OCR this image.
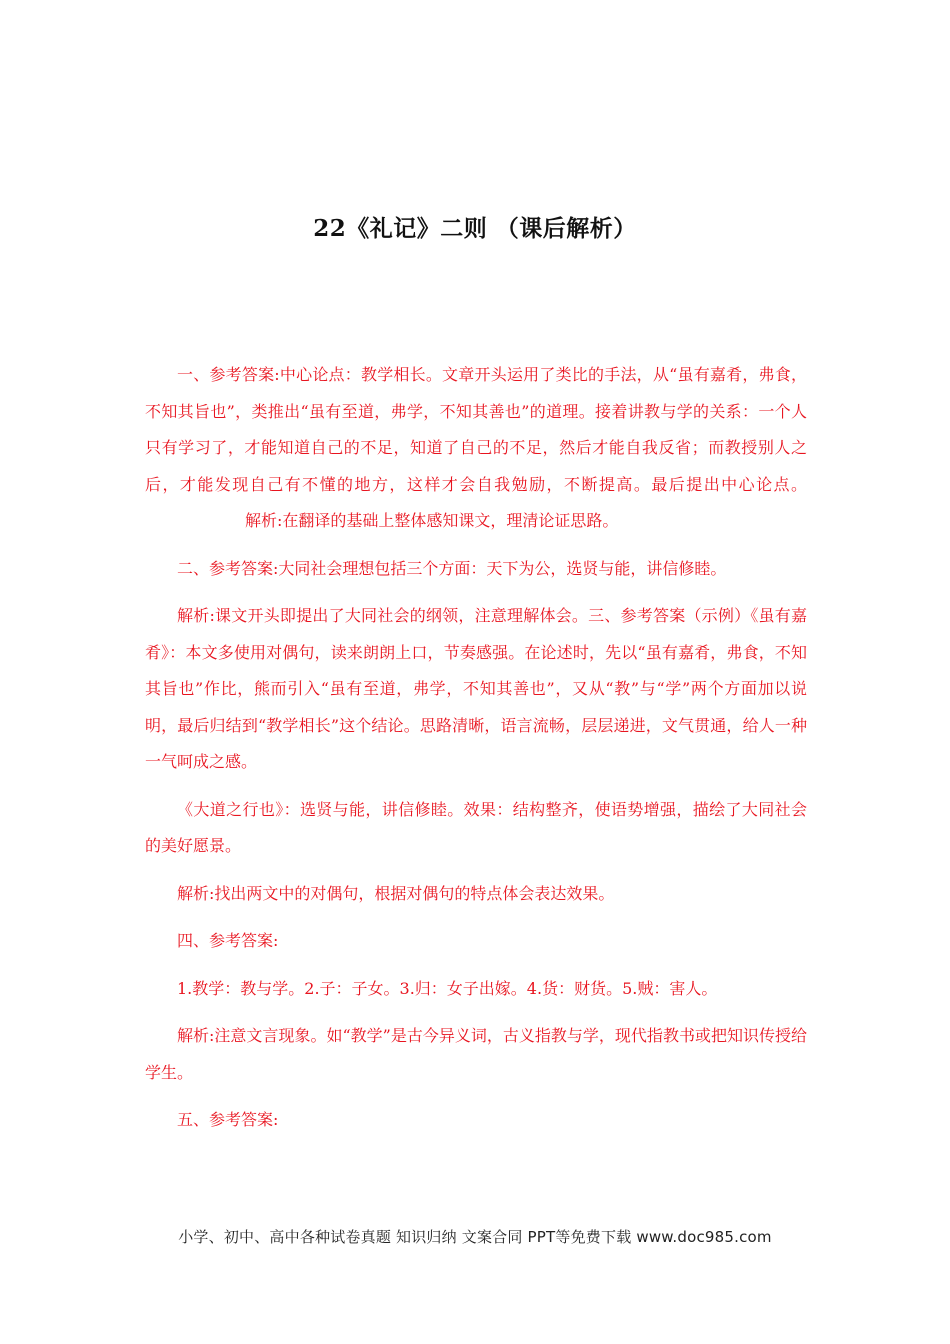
22《礼记》二则 （课后解析）

一、参考答案:中心论点：教学相长。文章开头运用了类比的手法，从“虽有嘉肴，弗食，不知其旨也”，类推出“虽有至道，弗学，不知其善也”的道理。接着讲教与学的关系：一个人只有学习了，才能知道自己的不足，知道了自己的不足，然后才能自我反省；而教授别人之后，才能发现自己有不懂的地方，这样才会自我勉励，不断提高。最后提出中心论点。解析:在翻译的基础上整体感知课文，理清论证思路。

二、参考答案:大同社会理想包括三个方面：天下为公，选贤与能，讲信修睦。

解析:课文开头即提出了大同社会的纲领，注意理解体会。三、参考答案（示例）《虽有嘉肴》：本文多使用对偶句，读来朗朗上口，节奏感强。在论述时，先以“虽有嘉肴，弗食，不知其旨也”作比，熊而引入“虽有至道，弗学，不知其善也”，又从“教”与“学”两个方面加以说明，最后归结到“教学相长”这个结论。思路清晰，语言流畅，层层递进，文气贯通，给人一种一气呵成之感。

《大道之行也》：选贤与能，讲信修睦。效果：结构整齐，使语势增强，描绘了大同社会的美好愿景。

解析:找出两文中的对偶句，根据对偶句的特点体会表达效果。

四、参考答案:

1.教学：教与学。2.子：子女。3.归：女子出嫁。4.货：财货。5.贼：害人。

解析:注意文言现象。如“教学”是古今异义词，古义指教与学，现代指教书或把知识传授给学生。

五、参考答案:

小学、初中、高中各种试卷真题 知识归纳 文案合同 PPT等免费下载 www.doc985.com
